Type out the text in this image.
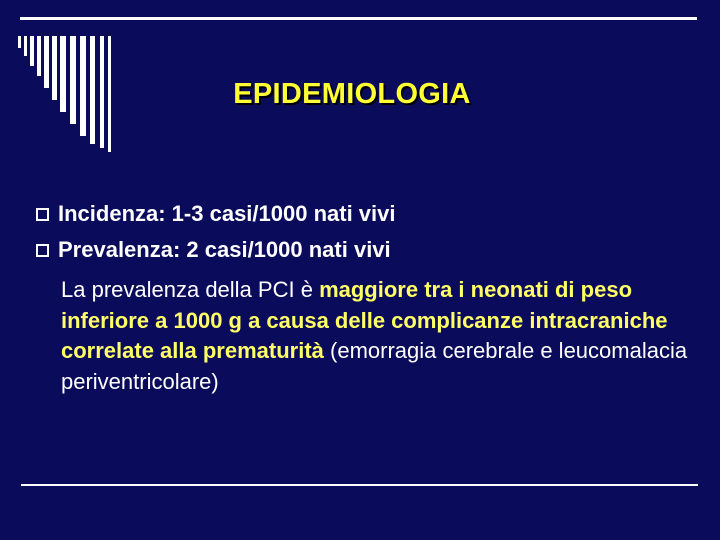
EPIDEMIOLOGIA
Incidenza: 1-3 casi/1000 nati vivi
Prevalenza: 2 casi/1000 nati vivi
La prevalenza della PCI è maggiore tra i neonati di peso inferiore a 1000 g a causa delle complicanze intracraniche correlate alla prematurità (emorragia cerebrale e leucomalacia periventricolare)
